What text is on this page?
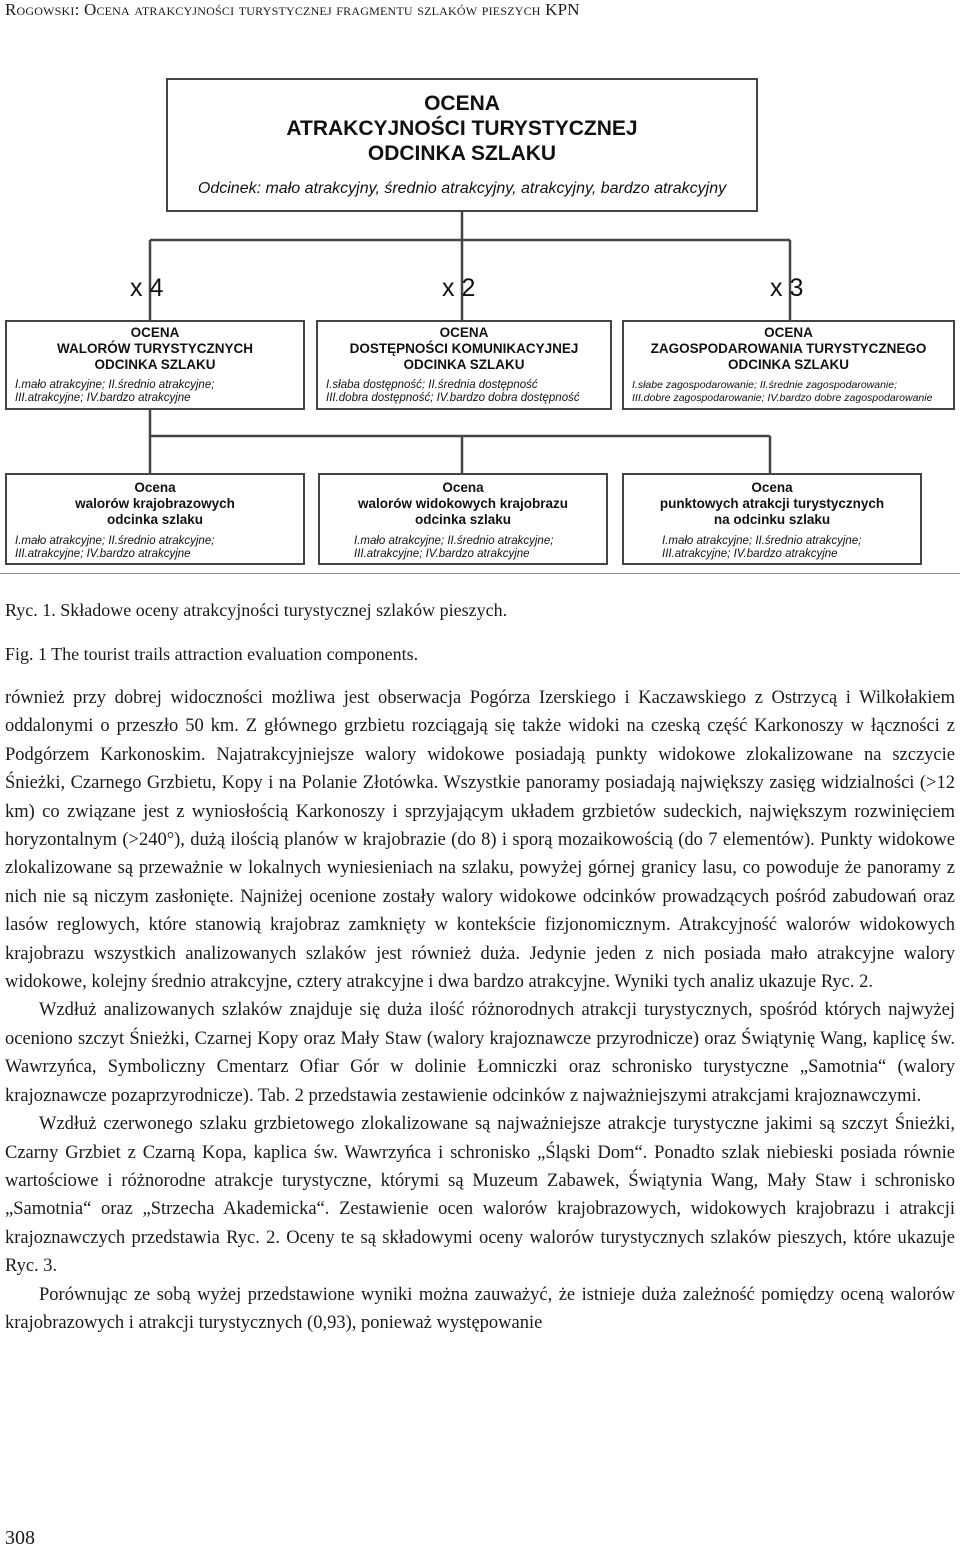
Rogowski: Ocena atrakcyjności turystycznej fragmentu szlaków pieszych KPN
OCENA
ATRAKCYJNOŚCI TURYSTYCZNEJ
ODCINKA SZLAKU
Odcinek: mało atrakcyjny, średnio atrakcyjny, atrakcyjny, bardzo atrakcyjny
x 4	x 2	x 3
OCENA
WALORÓW TURYSTYCZNYCH
ODCINKA SZLAKU
I.mało atrakcyjne; II.średnio atrakcyjne;
III.atrakcyjne; IV.bardzo atrakcyjne
OCENA
DOSTĘPNOŚCI KOMUNIKACYJNEJ
ODCINKA SZLAKU
I.słaba dostępność; II.średnia dostępność
III.dobra dostępność; IV.bardzo dobra dostępność
OCENA
ZAGOSPODAROWANIA TURYSTYCZNEGO
ODCINKA SZLAKU
I.słabe zagospodarowanie; II.średnie zagospodarowanie;
III.dobre zagospodarowanie; IV.bardzo dobre zagospodarowanie
Ocena
walorów krajobrazowych
odcinka szlaku
I.mało atrakcyjne; II.średnio atrakcyjne;
III.atrakcyjne; IV.bardzo atrakcyjne
Ocena
walorów widokowych krajobrazu
odcinka szlaku
I.mało atrakcyjne; II.średnio atrakcyjne;
III.atrakcyjne; IV.bardzo atrakcyjne
Ocena
punktowych atrakcji turystycznych
na odcinku szlaku
I.mało atrakcyjne; II.średnio atrakcyjne;
III.atrakcyjne; IV.bardzo atrakcyjne
Ryc. 1. Składowe oceny atrakcyjności turystycznej szlaków pieszych.
Fig. 1 The tourist trails attraction evaluation components.

również przy dobrej widoczności możliwa jest obserwacja Pogórza Izerskiego i Kaczawskiego z Ostrzycą i Wilkołakiem oddalonymi o przeszło 50 km. Z głównego grzbietu rozciągają się także widoki na czeską część Karkonoszy w łączności z Podgórzem Karkonoskim. Najatrakcyjniejsze walory widokowe posiadają punkty widokowe zlokalizowane na szczycie Śnieżki, Czarnego Grzbietu, Kopy i na Polanie Złotówka. Wszystkie panoramy posiadają największy zasięg widzialności (>12 km) co związane jest z wyniosłością Karkonoszy i sprzyjającym układem grzbietów sudeckich, największym rozwinięciem horyzontalnym (>240°), dużą ilością planów w krajobrazie (do 8) i sporą mozaikowością (do 7 elementów). Punkty widokowe zlokalizowane są przeważnie w lokalnych wyniesieniach na szlaku, powyżej górnej granicy lasu, co powoduje że panoramy z nich nie są niczym zasłonięte. Najniżej ocenione zostały walory widokowe odcinków prowadzących pośród zabudowań oraz lasów reglowych, które stanowią krajobraz zamknięty w kontekście fizjonomicznym. Atrakcyjność walorów widokowych krajobrazu wszystkich analizowanych szlaków jest również duża. Jedynie jeden z nich posiada mało atrakcyjne walory widokowe, kolejny średnio atrakcyjne, cztery atrakcyjne i dwa bardzo atrakcyjne. Wyniki tych analiz ukazuje Ryc. 2.

Wzdłuż analizowanych szlaków znajduje się duża ilość różnorodnych atrakcji turystycznych, spośród których najwyżej oceniono szczyt Śnieżki, Czarnej Kopy oraz Mały Staw (walory krajoznawcze przyrodnicze) oraz Świątynię Wang, kaplicę św. Wawrzyńca, Symboliczny Cmentarz Ofiar Gór w dolinie Łomniczki oraz schronisko turystyczne „Samotnia“ (walory krajoznawcze pozaprzyrodnicze). Tab. 2 przedstawia zestawienie odcinków z najważniejszymi atrakcjami krajoznawczymi.

Wzdłuż czerwonego szlaku grzbietowego zlokalizowane są najważniejsze atrakcje turystyczne jakimi są szczyt Śnieżki, Czarny Grzbiet z Czarną Kopa, kaplica św. Wawrzyńca i schronisko „Śląski Dom“. Ponadto szlak niebieski posiada równie wartościowe i różnorodne atrakcje turystyczne, którymi są Muzeum Zabawek, Świątynia Wang, Mały Staw i schronisko „Samotnia“ oraz „Strzecha Akademicka“. Zestawienie ocen walorów krajobrazowych, widokowych krajobrazu i atrakcji krajoznawczych przedstawia Ryc. 2. Oceny te są składowymi oceny walorów turystycznych szlaków pieszych, które ukazuje Ryc. 3.

Porównując ze sobą wyżej przedstawione wyniki można zauważyć, że istnieje duża zależność pomiędzy oceną walorów krajobrazowych i atrakcji turystycznych (0,93), ponieważ występowanie

308
